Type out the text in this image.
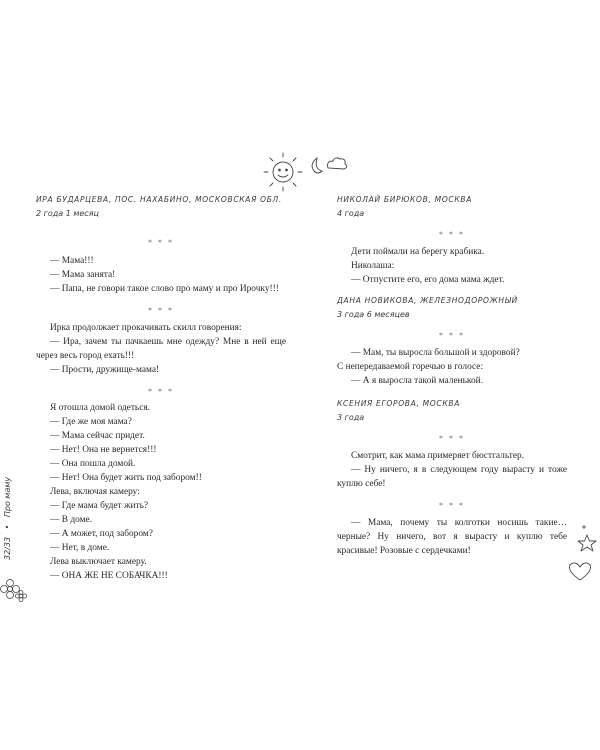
ИРА БУДАРЦЕВА, ПОС. НАХАБИНО, МОСКОВСКАЯ ОБЛ.
2 года 1 месяц
* * *

— Мама!!!

— Мама занята!

— Папа, не говори такое слово про маму и про Ирочку!!!

* * *

Ирка продолжает прокачивать скилл говорения:

— Ира, зачем ты пачкаешь мне одежду? Мне в ней еще через весь город ехать!!!

— Прости, дружище-мама!

* * *

Я отошла домой одеться.

— Где же моя мама?

— Мама сейчас придет.

— Нет! Она не вернется!!!

— Она пошла домой.

— Нет! Она будет жить под забором!!

Лева, включая камеру:

— Где мама будет жить?

— В доме.

— А может, под забором?

— Нет, в доме.

Лева выключает камеру.

— ОНА ЖЕ НЕ СОБАЧКА!!!

НИКОЛАЙ БИРЮКОВ, МОСКВА
4 года
* * *

Дети поймали на берегу крабика.

Николаша:

— Отпустите его, его дома мама ждет.

ДАНА НОВИКОВА, ЖЕЛЕЗНОДОРОЖНЫЙ
3 года 6 месяцев
* * *

— Мам, ты выросла большой и здоровой?

С непередаваемой горечью в голосе:

— А я выросла такой маленькой.

КСЕНИЯ ЕГОРОВА, МОСКВА
3 года
* * *

Смотрит, как мама примеряет бюстгальтер.

— Ну ничего, я в следующем году вырасту и тоже куплю себе!

* * *

— Мама, почему ты колготки носишь такие… черные? Ну ничего, вот я вырасту и куплю тебе красивые! Розовые с сердечками!

32/33 • Про маму
